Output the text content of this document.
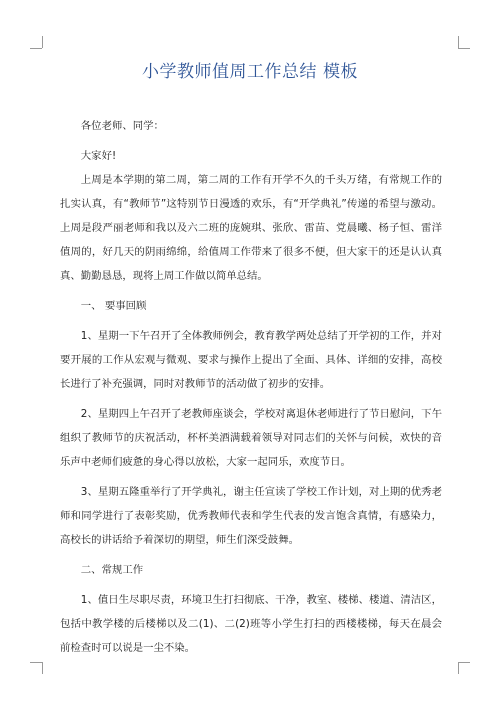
小学教师值周工作总结 模板

各位老师、同学：

大家好!

上周是本学期的第二周，第二周的工作有开学不久的千头万绪，有常规工作的扎实认真，有“教师节”这特别节日漫透的欢乐，有“开学典礼”传递的希望与激动。上周是段严丽老师和我以及六二班的庞婉琪、张欣、雷苗、党晨曦、杨子恒、雷洋值周的，好几天的阴雨绵绵，给值周工作带来了很多不便，但大家干的还是认认真真、勤勤恳恳，现将上周工作做以简单总结。

一、 要事回顾

1、星期一下午召开了全体教师例会，教育教学两处总结了开学初的工作，并对要开展的工作从宏观与微观、要求与操作上提出了全面、具体、详细的安排，高校长进行了补充强调，同时对教师节的活动做了初步的安排。

2、星期四上午召开了老教师座谈会，学校对离退休老师进行了节日慰问，下午组织了教师节的庆祝活动，杯杯美酒满载着领导对同志们的关怀与问候，欢快的音乐声中老师们疲惫的身心得以放松，大家一起同乐，欢度节日。

3、星期五隆重举行了开学典礼，谢主任宣读了学校工作计划，对上期的优秀老师和同学进行了表彰奖励，优秀教师代表和学生代表的发言饱含真情，有感染力，高校长的讲话给予着深切的期望，师生们深受鼓舞。

二、常规工作

1、值日生尽职尽责，环境卫生打扫彻底、干净，教室、楼梯、楼道、清洁区，包括中教学楼的后楼梯以及二(1)、二(2)班等小学生打扫的西楼楼梯，每天在晨会前检查时可以说是一尘不染。
